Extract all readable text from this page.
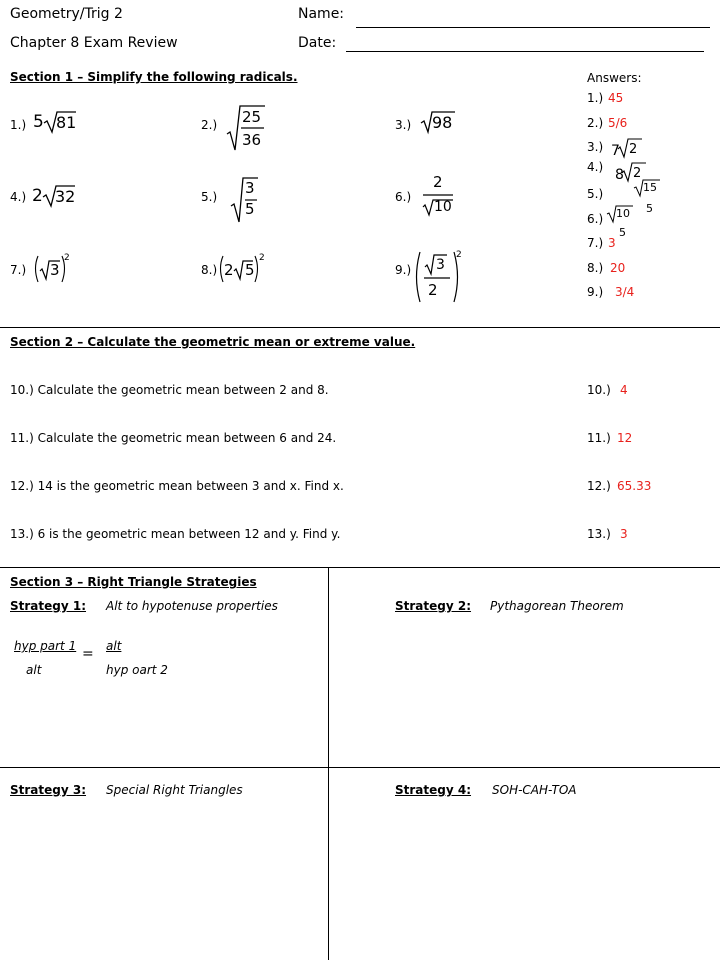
Geometry/Trig 2	Name:
Chapter 8 Exam Review	Date:
Section 1 – Simplify the following radicals.	Answers:
1.) 5 81	2.) 25
36
3.) 98
4.) 2 32	5.) 3
5
6.)
2
10
7.) 3
2
8.) 2 5
2
9.) 3
2
2
1.) 45
2.) 5/6
3.) 7 2
4.) 8 2
5.)	15
5
6.) 10
5
7.) 3
8.) 20
9.) 3/4
Section 2 – Calculate the geometric mean or extreme value.
10.) Calculate the geometric mean between 2 and 8.	10.) 4
11.) Calculate the geometric mean between 6 and 24.	11.) 12
12.) 14 is the geometric mean between 3 and x. Find x.	12.) 65.33
13.) 6 is the geometric mean between 12 and y. Find y.	13.) 3
Section 3 – Right Triangle Strategies
Strategy 1: Alt to hypotenuse properties	Strategy 2: Pythagorean Theorem
hyp part 1
alt
= alt
hyp oart 2
Strategy 3: Special Right Triangles	Strategy 4: SOH-CAH-TOA
